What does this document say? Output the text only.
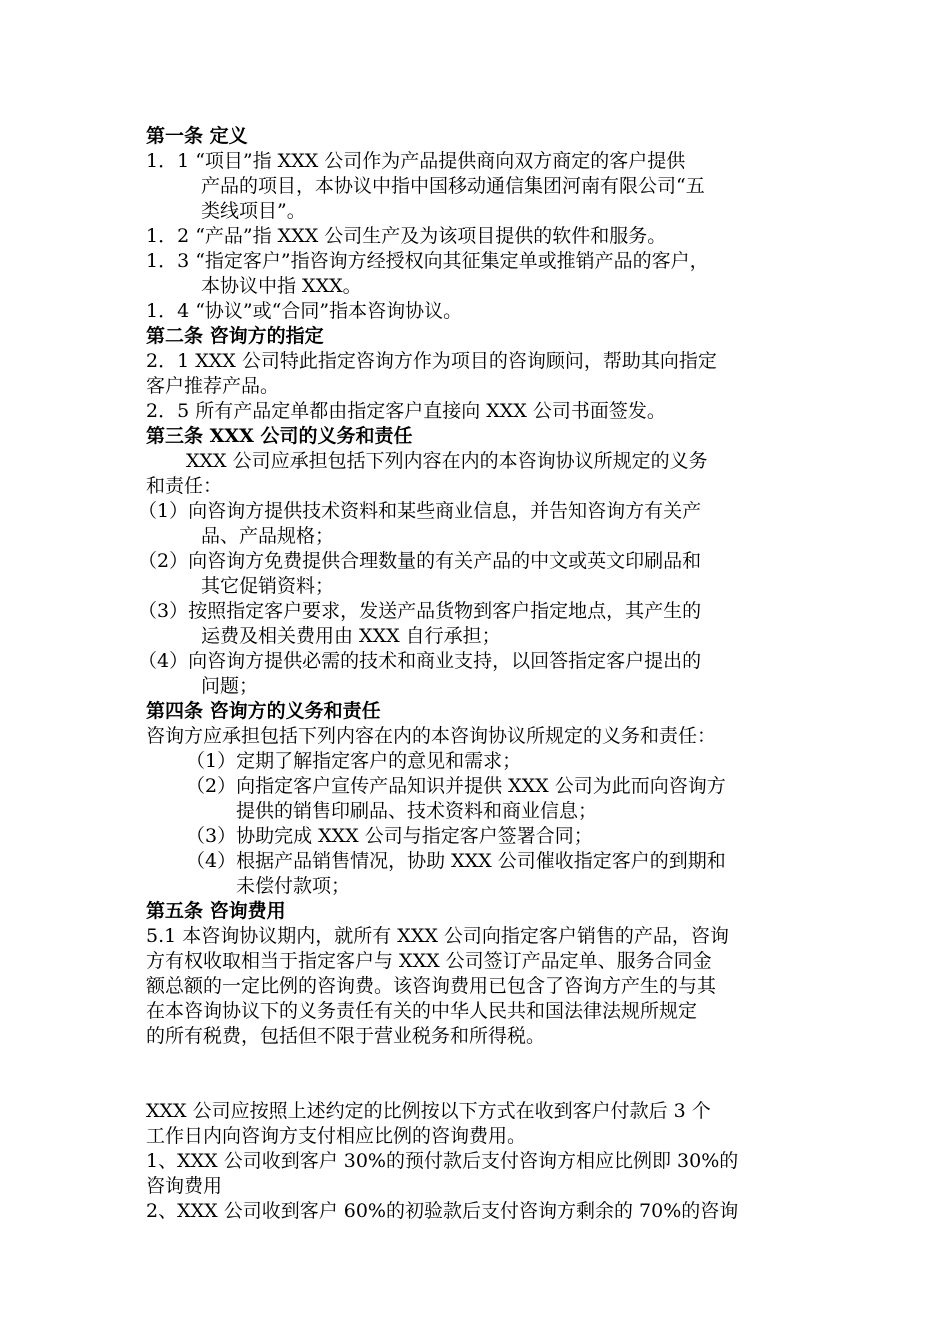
第一条 定义
1．1 “项目”指 XXX 公司作为产品提供商向双方商定的客户提供
产品的项目，本协议中指中国移动通信集团河南有限公司“五
类线项目”。
1．2 “产品”指 XXX 公司生产及为该项目提供的软件和服务。
1．3 “指定客户”指咨询方经授权向其征集定单或推销产品的客户，
本协议中指 XXX。
1．4 “协议”或“合同”指本咨询协议。
第二条 咨询方的指定
2．1 XXX 公司特此指定咨询方作为项目的咨询顾问，帮助其向指定
客户推荐产品。
2．5 所有产品定单都由指定客户直接向 XXX 公司书面签发。
第三条 XXX 公司的义务和责任
XXX 公司应承担包括下列内容在内的本咨询协议所规定的义务
和责任：
（1）向咨询方提供技术资料和某些商业信息，并告知咨询方有关产
品、产品规格；
（2）向咨询方免费提供合理数量的有关产品的中文或英文印刷品和
其它促销资料；
（3）按照指定客户要求，发送产品货物到客户指定地点，其产生的
运费及相关费用由 XXX 自行承担；
（4）向咨询方提供必需的技术和商业支持，以回答指定客户提出的
问题；
第四条 咨询方的义务和责任
咨询方应承担包括下列内容在内的本咨询协议所规定的义务和责任：
（1）定期了解指定客户的意见和需求；
（2）向指定客户宣传产品知识并提供 XXX 公司为此而向咨询方
提供的销售印刷品、技术资料和商业信息；
（3）协助完成 XXX 公司与指定客户签署合同；
（4）根据产品销售情况，协助 XXX 公司催收指定客户的到期和
未偿付款项；
第五条 咨询费用
5.1 本咨询协议期内，就所有 XXX 公司向指定客户销售的产品，咨询
方有权收取相当于指定客户与 XXX 公司签订产品定单、服务合同金
额总额的一定比例的咨询费。该咨询费用已包含了咨询方产生的与其
在本咨询协议下的义务责任有关的中华人民共和国法律法规所规定
的所有税费，包括但不限于营业税务和所得税。
XXX 公司应按照上述约定的比例按以下方式在收到客户付款后 3 个
工作日内向咨询方支付相应比例的咨询费用。
1、XXX 公司收到客户 30%的预付款后支付咨询方相应比例即 30%的
咨询费用
2、XXX 公司收到客户 60%的初验款后支付咨询方剩余的 70%的咨询
